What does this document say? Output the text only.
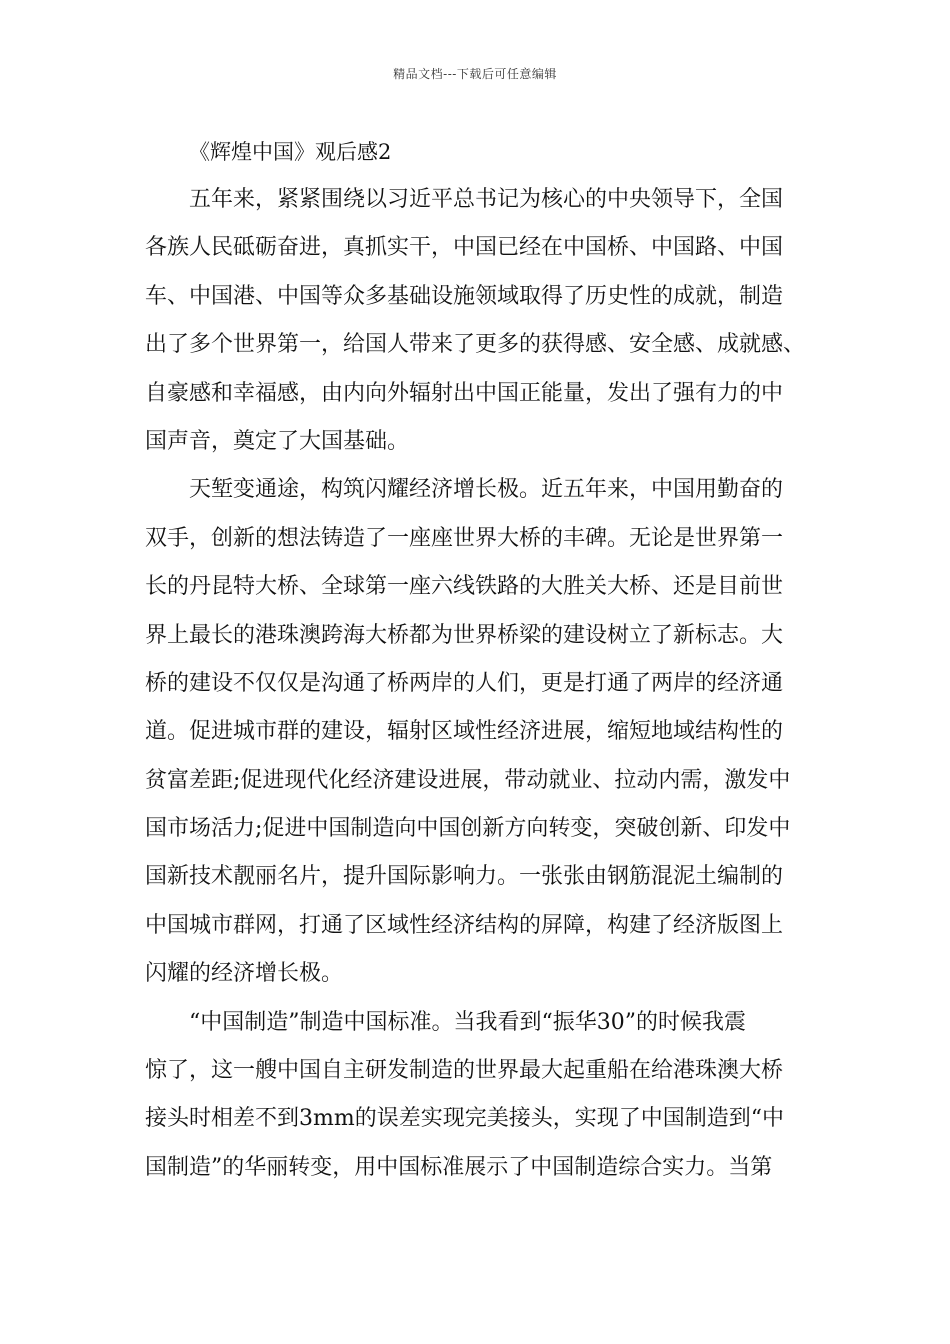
精品文档---下载后可任意编辑
《辉煌中国》观后感2
五年来，紧紧围绕以习近平总书记为核心的中央领导下，全国
各族人民砥砺奋进，真抓实干，中国已经在中国桥、中国路、中国
车、中国港、中国等众多基础设施领域取得了历史性的成就，制造
出了多个世界第一，给国人带来了更多的获得感、安全感、成就感、
自豪感和幸福感，由内向外辐射出中国正能量，发出了强有力的中
国声音，奠定了大国基础。
天堑变通途，构筑闪耀经济增长极。近五年来，中国用勤奋的
双手，创新的想法铸造了一座座世界大桥的丰碑。无论是世界第一
长的丹昆特大桥、全球第一座六线铁路的大胜关大桥、还是目前世
界上最长的港珠澳跨海大桥都为世界桥梁的建设树立了新标志。大
桥的建设不仅仅是沟通了桥两岸的人们，更是打通了两岸的经济通
道。促进城市群的建设，辐射区域性经济进展，缩短地域结构性的
贫富差距;促进现代化经济建设进展，带动就业、拉动内需，激发中
国市场活力;促进中国制造向中国创新方向转变，突破创新、印发中
国新技术靓丽名片，提升国际影响力。一张张由钢筋混泥土编制的
中国城市群网，打通了区域性经济结构的屏障，构建了经济版图上
闪耀的经济增长极。
“中国制造”制造中国标准。当我看到“振华30”的时候我震
惊了，这一艘中国自主研发制造的世界最大起重船在给港珠澳大桥
接头时相差不到3mm的误差实现完美接头，实现了中国制造到“中
国制造”的华丽转变，用中国标准展示了中国制造综合实力。当第
